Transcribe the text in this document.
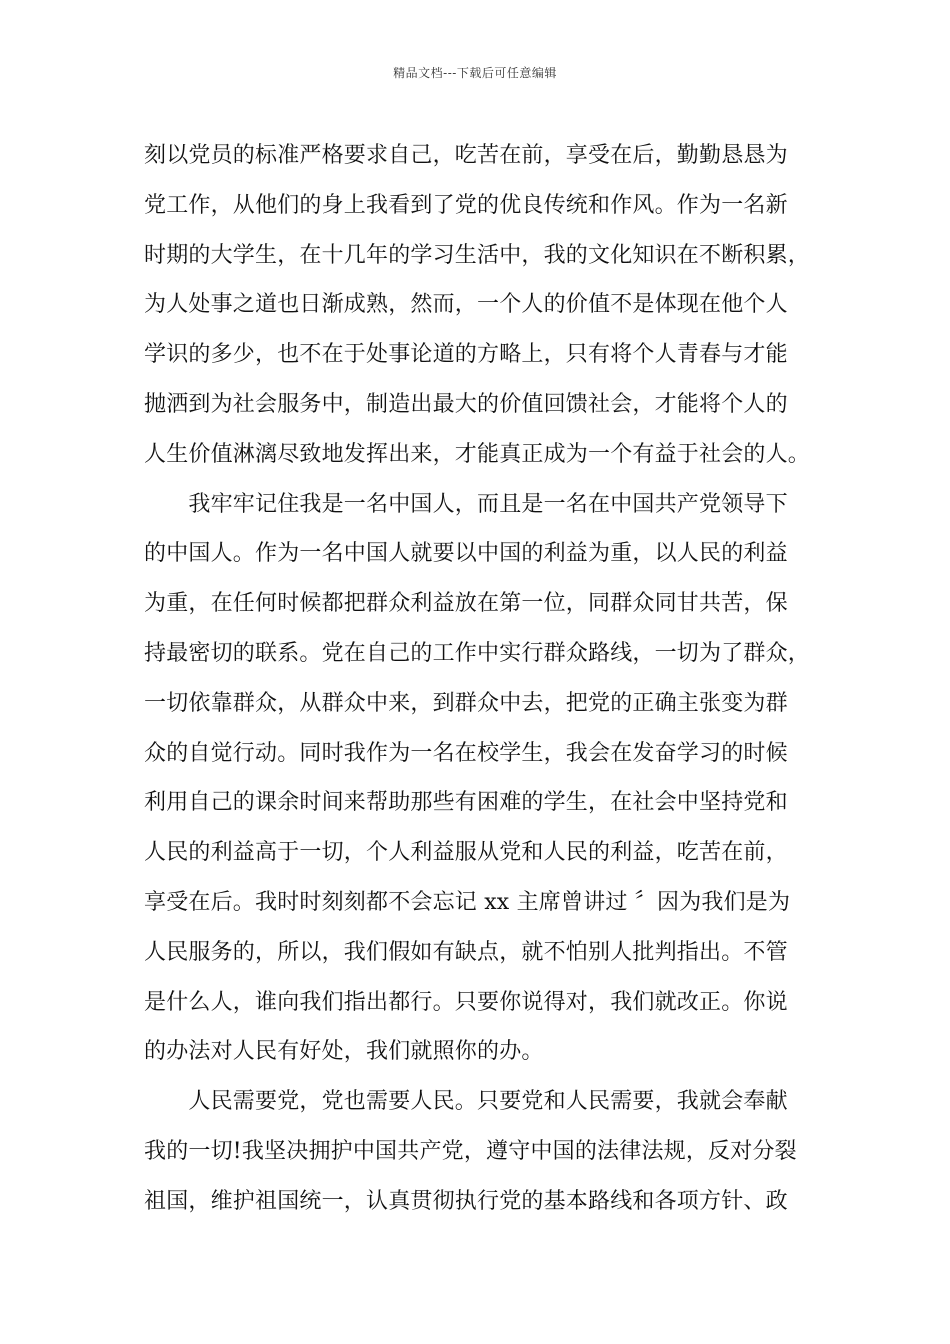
精品文档---下载后可任意编辑
刻以党员的标准严格要求自己，吃苦在前，享受在后，勤勤恳恳为
党工作，从他们的身上我看到了党的优良传统和作风。作为一名新
时期的大学生，在十几年的学习生活中，我的文化知识在不断积累，
为人处事之道也日渐成熟，然而，一个人的价值不是体现在他个人
学识的多少，也不在于处事论道的方略上，只有将个人青春与才能
抛洒到为社会服务中，制造出最大的价值回馈社会，才能将个人的
人生价值淋漓尽致地发挥出来，才能真正成为一个有益于社会的人。
　　我牢牢记住我是一名中国人，而且是一名在中国共产党领导下
的中国人。作为一名中国人就要以中国的利益为重，以人民的利益
为重，在任何时候都把群众利益放在第一位，同群众同甘共苦，保
持最密切的联系。党在自己的工作中实行群众路线，一切为了群众，
一切依靠群众，从群众中来，到群众中去，把党的正确主张变为群
众的自觉行动。同时我作为一名在校学生，我会在发奋学习的时候
利用自己的课余时间来帮助那些有困难的学生，在社会中坚持党和
人民的利益高于一切，个人利益服从党和人民的利益，吃苦在前，
享受在后。我时时刻刻都不会忘记 xx 主席曾讲过 〞因为我们是为
人民服务的，所以，我们假如有缺点，就不怕别人批判指出。不管
是什么人，谁向我们指出都行。只要你说得对，我们就改正。你说
的办法对人民有好处，我们就照你的办。
　　人民需要党，党也需要人民。只要党和人民需要，我就会奉献
我的一切!我坚决拥护中国共产党，遵守中国的法律法规，反对分裂
祖国，维护祖国统一，认真贯彻执行党的基本路线和各项方针、政
